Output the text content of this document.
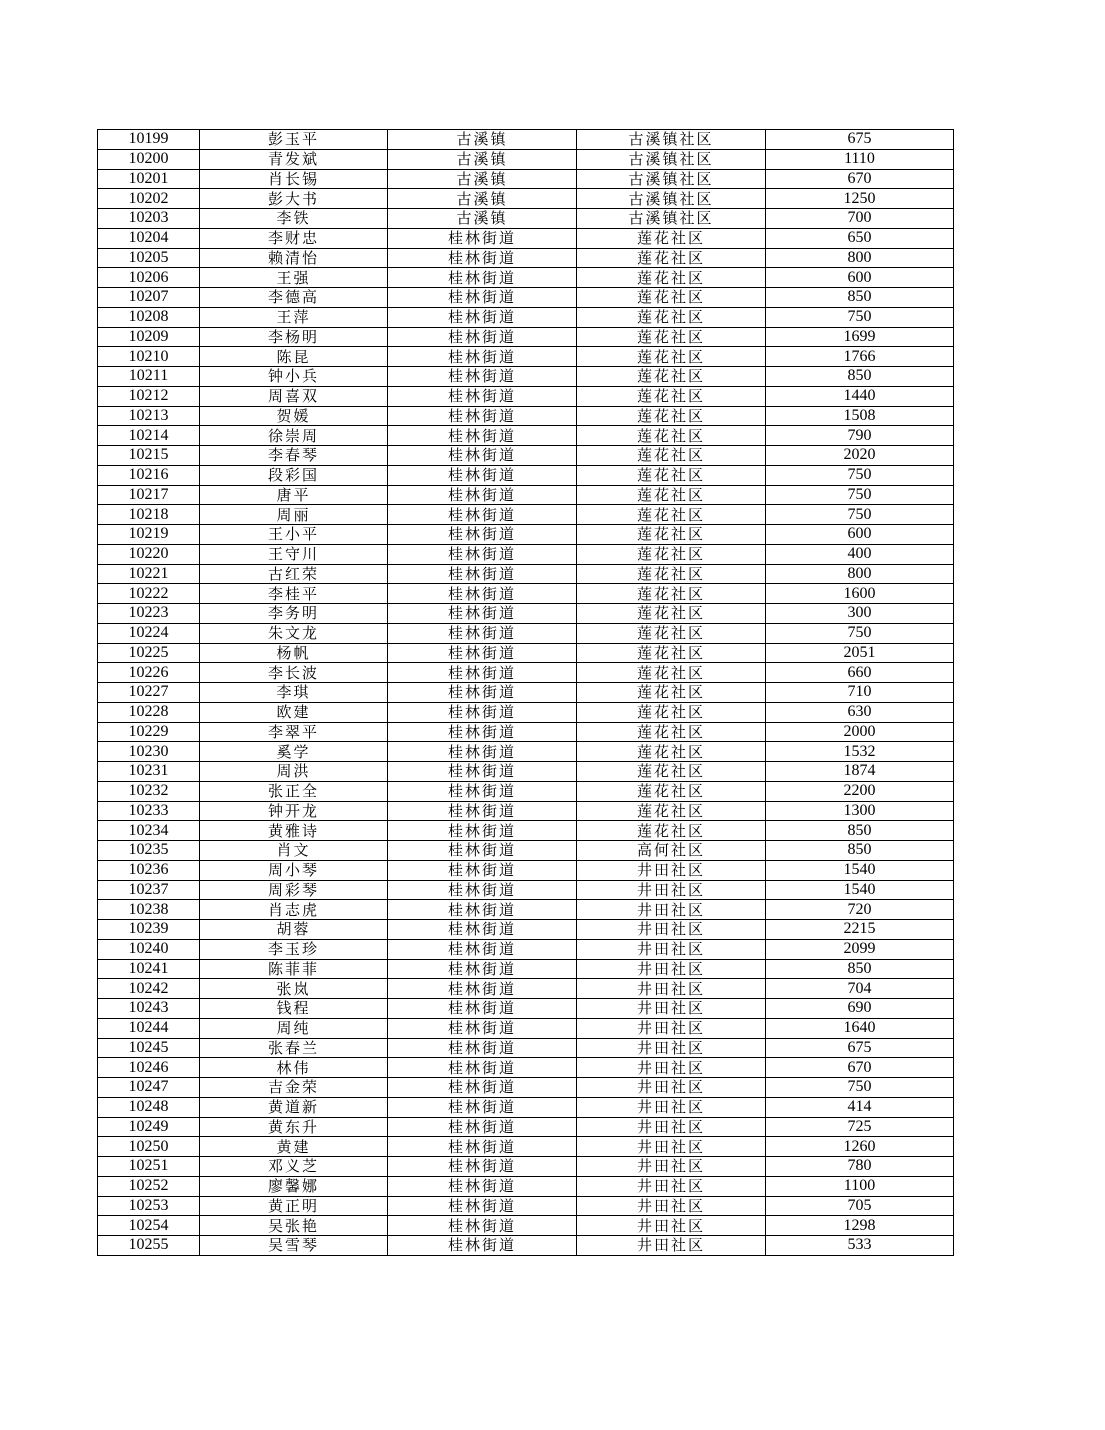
10199	彭玉平	古溪镇	古溪镇社区	675
10200	青发斌	古溪镇	古溪镇社区	1110
10201	肖长锡	古溪镇	古溪镇社区	670
10202	彭大书	古溪镇	古溪镇社区	1250
10203	李铁	古溪镇	古溪镇社区	700
10204	李财忠	桂林街道	莲花社区	650
10205	赖清怡	桂林街道	莲花社区	800
10206	王强	桂林街道	莲花社区	600
10207	李德高	桂林街道	莲花社区	850
10208	王萍	桂林街道	莲花社区	750
10209	李杨明	桂林街道	莲花社区	1699
10210	陈昆	桂林街道	莲花社区	1766
10211	钟小兵	桂林街道	莲花社区	850
10212	周喜双	桂林街道	莲花社区	1440
10213	贺媛	桂林街道	莲花社区	1508
10214	徐崇周	桂林街道	莲花社区	790
10215	李春琴	桂林街道	莲花社区	2020
10216	段彩国	桂林街道	莲花社区	750
10217	唐平	桂林街道	莲花社区	750
10218	周丽	桂林街道	莲花社区	750
10219	王小平	桂林街道	莲花社区	600
10220	王守川	桂林街道	莲花社区	400
10221	古红荣	桂林街道	莲花社区	800
10222	李桂平	桂林街道	莲花社区	1600
10223	李务明	桂林街道	莲花社区	300
10224	朱文龙	桂林街道	莲花社区	750
10225	杨帆	桂林街道	莲花社区	2051
10226	李长波	桂林街道	莲花社区	660
10227	李琪	桂林街道	莲花社区	710
10228	欧建	桂林街道	莲花社区	630
10229	李翠平	桂林街道	莲花社区	2000
10230	奚学	桂林街道	莲花社区	1532
10231	周洪	桂林街道	莲花社区	1874
10232	张正全	桂林街道	莲花社区	2200
10233	钟开龙	桂林街道	莲花社区	1300
10234	黄雅诗	桂林街道	莲花社区	850
10235	肖文	桂林街道	高何社区	850
10236	周小琴	桂林街道	井田社区	1540
10237	周彩琴	桂林街道	井田社区	1540
10238	肖志虎	桂林街道	井田社区	720
10239	胡蓉	桂林街道	井田社区	2215
10240	李玉珍	桂林街道	井田社区	2099
10241	陈菲菲	桂林街道	井田社区	850
10242	张岚	桂林街道	井田社区	704
10243	钱程	桂林街道	井田社区	690
10244	周纯	桂林街道	井田社区	1640
10245	张春兰	桂林街道	井田社区	675
10246	林伟	桂林街道	井田社区	670
10247	吉金荣	桂林街道	井田社区	750
10248	黄道新	桂林街道	井田社区	414
10249	黄东升	桂林街道	井田社区	725
10250	黄建	桂林街道	井田社区	1260
10251	邓义芝	桂林街道	井田社区	780
10252	廖馨娜	桂林街道	井田社区	1100
10253	黄正明	桂林街道	井田社区	705
10254	吴张艳	桂林街道	井田社区	1298
10255	吴雪琴	桂林街道	井田社区	533
